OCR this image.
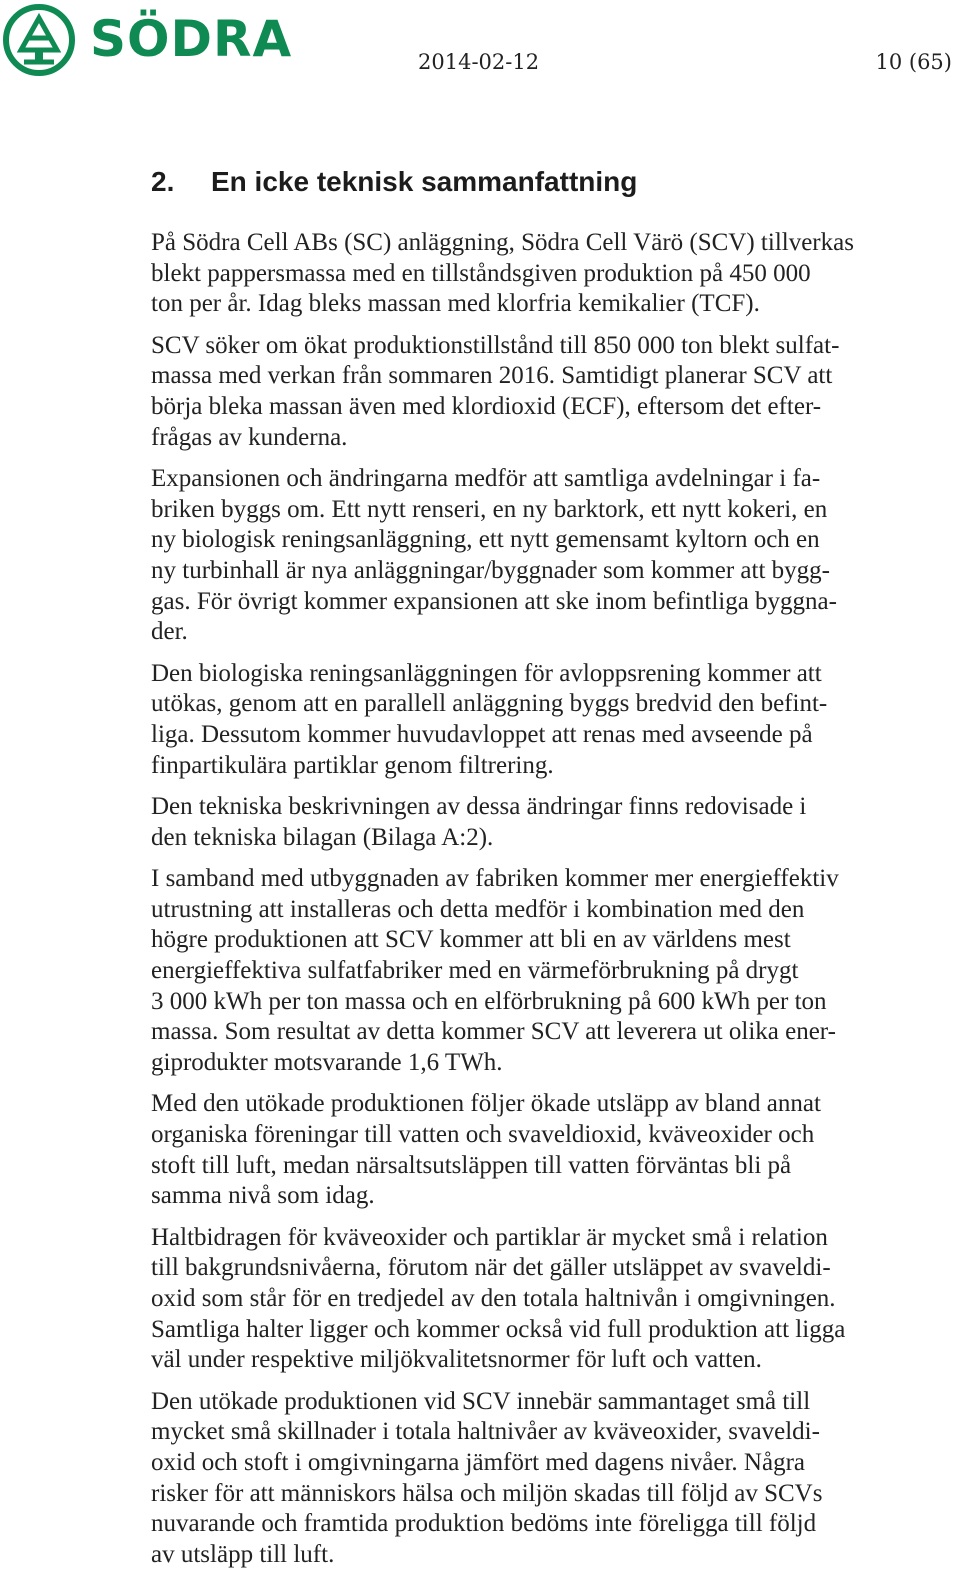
SÖDRA	2014-02-12	10 (65)
2. En icke teknisk sammanfattning

På Södra Cell ABs (SC) anläggning, Södra Cell Värö (SCV) tillverkas
blekt pappersmassa med en tillståndsgiven produktion på 450 000
ton per år. Idag bleks massan med klorfria kemikalier (TCF).

SCV söker om ökat produktionstillstånd till 850 000 ton blekt sulfat-
massa med verkan från sommaren 2016. Samtidigt planerar SCV att
börja bleka massan även med klordioxid (ECF), eftersom det efter-
frågas av kunderna.

Expansionen och ändringarna medför att samtliga avdelningar i fa-
briken byggs om. Ett nytt renseri, en ny barktork, ett nytt kokeri, en
ny biologisk reningsanläggning, ett nytt gemensamt kyltorn och en
ny turbinhall är nya anläggningar/byggnader som kommer att bygg-
gas. För övrigt kommer expansionen att ske inom befintliga byggna-
der.

Den biologiska reningsanläggningen för avloppsrening kommer att
utökas, genom att en parallell anläggning byggs bredvid den befint-
liga. Dessutom kommer huvudavloppet att renas med avseende på
finpartikulära partiklar genom filtrering.

Den tekniska beskrivningen av dessa ändringar finns redovisade i
den tekniska bilagan (Bilaga A:2).

I samband med utbyggnaden av fabriken kommer mer energieffektiv
utrustning att installeras och detta medför i kombination med den
högre produktionen att SCV kommer att bli en av världens mest
energieffektiva sulfatfabriker med en värmeförbrukning på drygt
3 000 kWh per ton massa och en elförbrukning på 600 kWh per ton
massa. Som resultat av detta kommer SCV att leverera ut olika ener-
giprodukter motsvarande 1,6 TWh.

Med den utökade produktionen följer ökade utsläpp av bland annat
organiska föreningar till vatten och svaveldioxid, kväveoxider och
stoft till luft, medan närsaltsutsläppen till vatten förväntas bli på
samma nivå som idag.

Haltbidragen för kväveoxider och partiklar är mycket små i relation
till bakgrundsnivåerna, förutom när det gäller utsläppet av svaveldi-
oxid som står för en tredjedel av den totala haltnivån i omgivningen.
Samtliga halter ligger och kommer också vid full produktion att ligga
väl under respektive miljökvalitetsnormer för luft och vatten.

Den utökade produktionen vid SCV innebär sammantaget små till
mycket små skillnader i totala haltnivåer av kväveoxider, svaveldi-
oxid och stoft i omgivningarna jämfört med dagens nivåer. Några
risker för att människors hälsa och miljön skadas till följd av SCVs
nuvarande och framtida produktion bedöms inte föreligga till följd
av utsläpp till luft.
